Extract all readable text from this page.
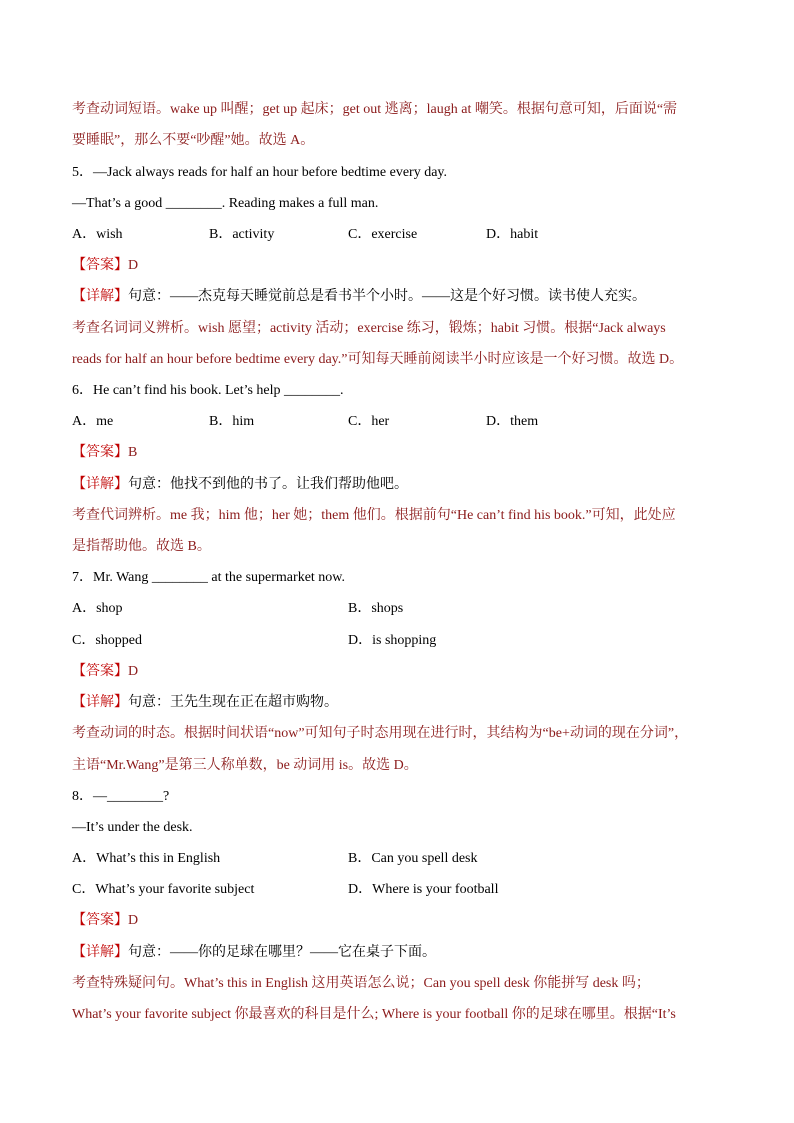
考查动词短语。wake up 叫醒；get up 起床；get out 逃离；laugh at 嘲笑。根据句意可知，后面说“需
要睡眠”，那么不要“吵醒”她。故选 A。
5．—Jack always reads for half an hour before bedtime every day.
—That’s a good ________. Reading makes a full man.
A．wish	B．activity	C．exercise	D．habit
【答案】D
【详解】句意：——杰克每天睡觉前总是看书半个小时。——这是个好习惯。读书使人充实。
考查名词词义辨析。wish 愿望；activity 活动；exercise 练习，锻炼；habit 习惯。根据“Jack always
reads for half an hour before bedtime every day.”可知每天睡前阅读半小时应该是一个好习惯。故选 D。
6．He can’t find his book. Let’s help ________.
A．me	B．him	C．her	D．them
【答案】B
【详解】句意：他找不到他的书了。让我们帮助他吧。
考查代词辨析。me 我；him 他；her 她；them 他们。根据前句“He can’t find his book.”可知，此处应
是指帮助他。故选 B。
7．Mr. Wang ________ at the supermarket now.
A．shop	B．shops
C．shopped	D．is shopping
【答案】D
【详解】句意：王先生现在正在超市购物。
考查动词的时态。根据时间状语“now”可知句子时态用现在进行时，其结构为“be+动词的现在分词”，
主语“Mr.Wang”是第三人称单数，be 动词用 is。故选 D。
8．—________?
—It’s under the desk.
A．What’s this in English	B．Can you spell desk
C．What’s your favorite subject	D．Where is your football
【答案】D
【详解】句意：——你的足球在哪里？——它在桌子下面。
考查特殊疑问句。What’s this in English 这用英语怎么说；Can you spell desk 你能拼写 desk 吗；
What’s your favorite subject 你最喜欢的科目是什么; Where is your football 你的足球在哪里。根据“It’s
